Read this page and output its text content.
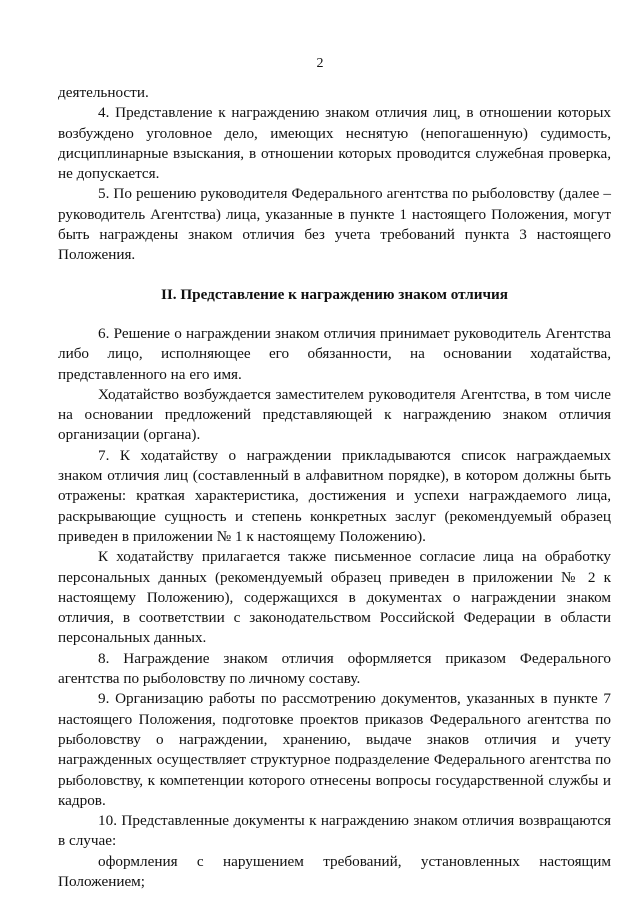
2

деятельности.

4. Представление к награждению знаком отличия лиц, в отношении которых возбуждено уголовное дело, имеющих неснятую (непогашенную) судимость, дисциплинарные взыскания, в отношении которых проводится служебная проверка, не допускается.

5. По решению руководителя Федерального агентства по рыболовству (далее – руководитель Агентства) лица, указанные в пункте 1 настоящего Положения, могут быть награждены знаком отличия без учета требований пункта 3 настоящего Положения.

II. Представление к награждению знаком отличия

6. Решение о награждении знаком отличия принимает руководитель Агентства либо лицо, исполняющее его обязанности, на основании ходатайства, представленного на его имя.

Ходатайство возбуждается заместителем руководителя Агентства, в том числе на основании предложений представляющей к награждению знаком отличия организации (органа).

7. К ходатайству о награждении прикладываются список награждаемых знаком отличия лиц (составленный в алфавитном порядке), в котором должны быть отражены: краткая характеристика, достижения и успехи награждаемого лица, раскрывающие сущность и степень конкретных заслуг (рекомендуемый образец приведен в приложении № 1 к настоящему Положению).

К ходатайству прилагается также письменное согласие лица на обработку персональных данных (рекомендуемый образец приведен в приложении № 2 к настоящему Положению), содержащихся в документах о награждении знаком отличия, в соответствии с законодательством Российской Федерации в области персональных данных.

8. Награждение знаком отличия оформляется приказом Федерального агентства по рыболовству по личному составу.

9. Организацию работы по рассмотрению документов, указанных в пункте 7 настоящего Положения, подготовке проектов приказов Федерального агентства по рыболовству о награждении, хранению, выдаче знаков отличия и учету награжденных осуществляет структурное подразделение Федерального агентства по рыболовству, к компетенции которого отнесены вопросы государственной службы и кадров.

10. Представленные документы к награждению знаком отличия возвращаются в случае:

оформления с нарушением требований, установленных настоящим Положением;
